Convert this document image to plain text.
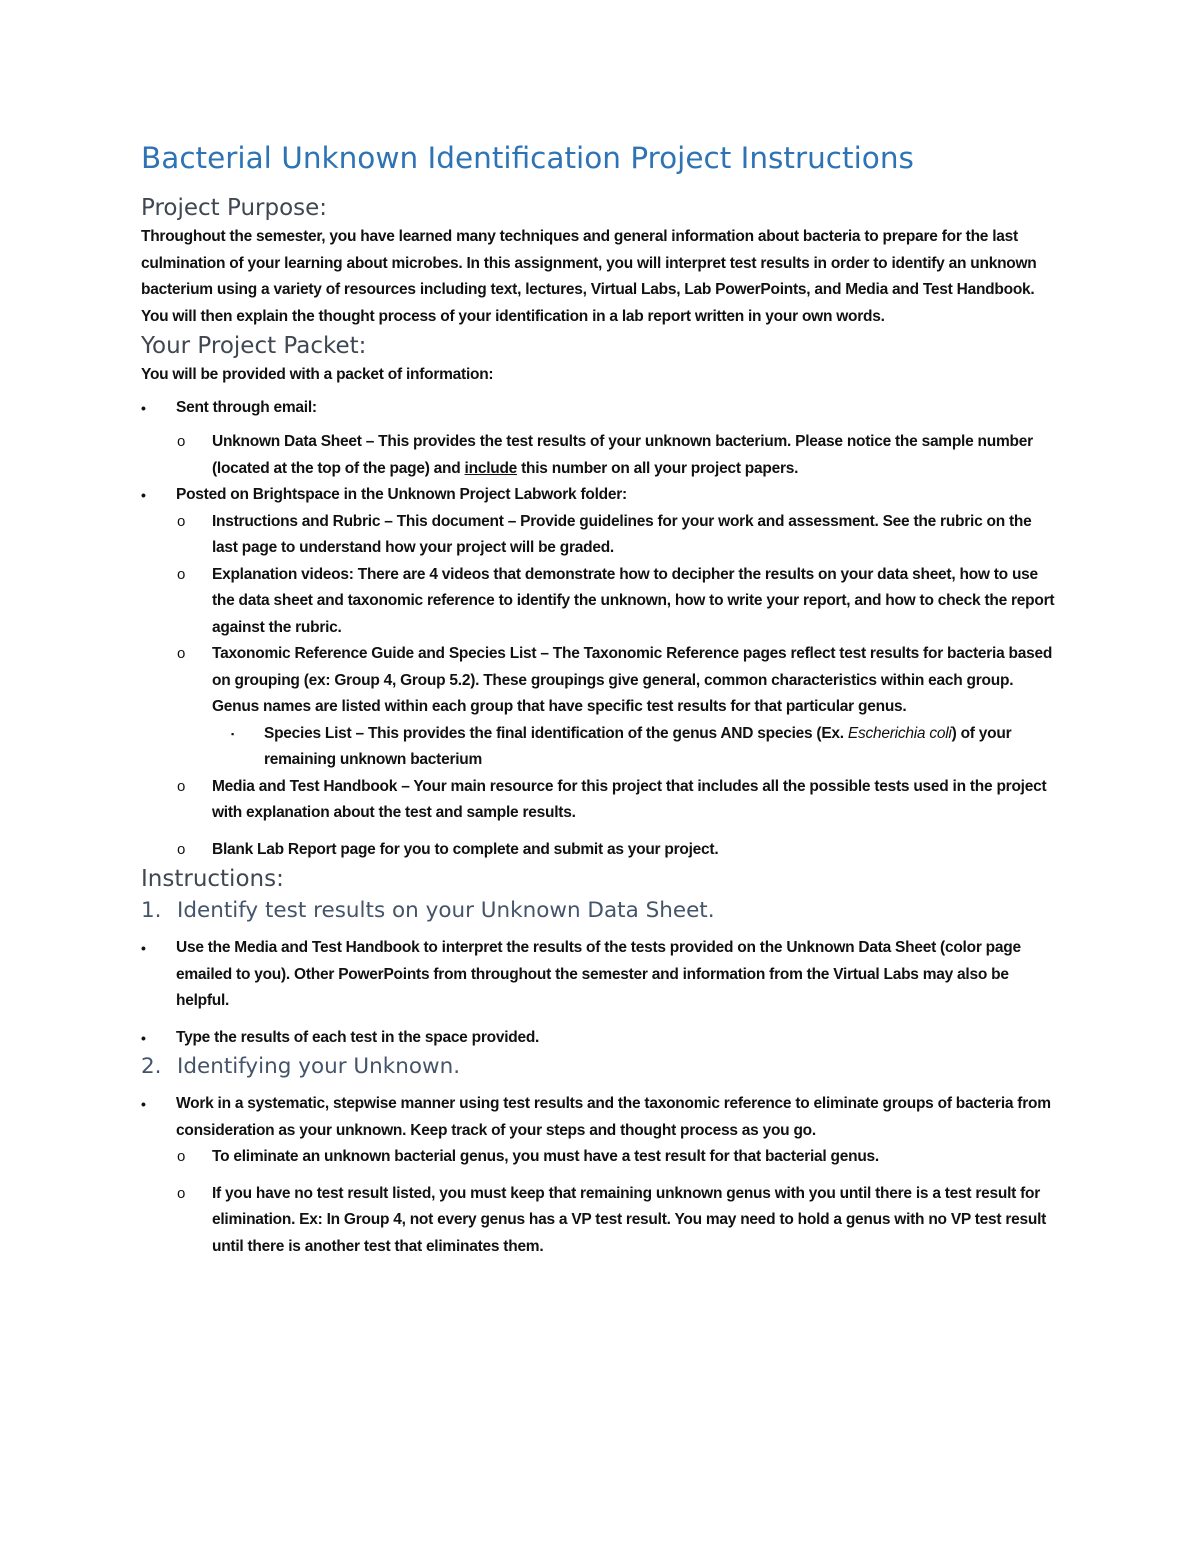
Bacterial Unknown Identification Project Instructions
Project Purpose:

Throughout the semester, you have learned many techniques and general information about bacteria to prepare for the last culmination of your learning about microbes. In this assignment, you will interpret test results in order to identify an unknown bacterium using a variety of resources including text, lectures, Virtual Labs, Lab PowerPoints, and Media and Test Handbook. You will then explain the thought process of your identification in a lab report written in your own words.

Your Project Packet:

You will be provided with a packet of information:

• Sent through email:
o Unknown Data Sheet – This provides the test results of your unknown bacterium. Please notice the sample number (located at the top of the page) and include this number on all your project papers.
• Posted on Brightspace in the Unknown Project Labwork folder:
o Instructions and Rubric – This document – Provide guidelines for your work and assessment. See the rubric on the last page to understand how your project will be graded.
o Explanation videos: There are 4 videos that demonstrate how to decipher the results on your data sheet, how to use the data sheet and taxonomic reference to identify the unknown, how to write your report, and how to check the report against the rubric.
o Taxonomic Reference Guide and Species List – The Taxonomic Reference pages reflect test results for bacteria based on grouping (ex: Group 4, Group 5.2). These groupings give general, common characteristics within each group. Genus names are listed within each group that have specific test results for that particular genus.
▪ Species List – This provides the final identification of the genus AND species (Ex. Escherichia coli) of your remaining unknown bacterium
o Media and Test Handbook – Your main resource for this project that includes all the possible tests used in the project with explanation about the test and sample results.
o Blank Lab Report page for you to complete and submit as your project.
Instructions:
1. Identify test results on your Unknown Data Sheet.
• Use the Media and Test Handbook to interpret the results of the tests provided on the Unknown Data Sheet (color page emailed to you). Other PowerPoints from throughout the semester and information from the Virtual Labs may also be helpful.
• Type the results of each test in the space provided.
2. Identifying your Unknown.
• Work in a systematic, stepwise manner using test results and the taxonomic reference to eliminate groups of bacteria from consideration as your unknown. Keep track of your steps and thought process as you go.
o To eliminate an unknown bacterial genus, you must have a test result for that bacterial genus.
o If you have no test result listed, you must keep that remaining unknown genus with you until there is a test result for elimination. Ex: In Group 4, not every genus has a VP test result. You may need to hold a genus with no VP test result until there is another test that eliminates them.
